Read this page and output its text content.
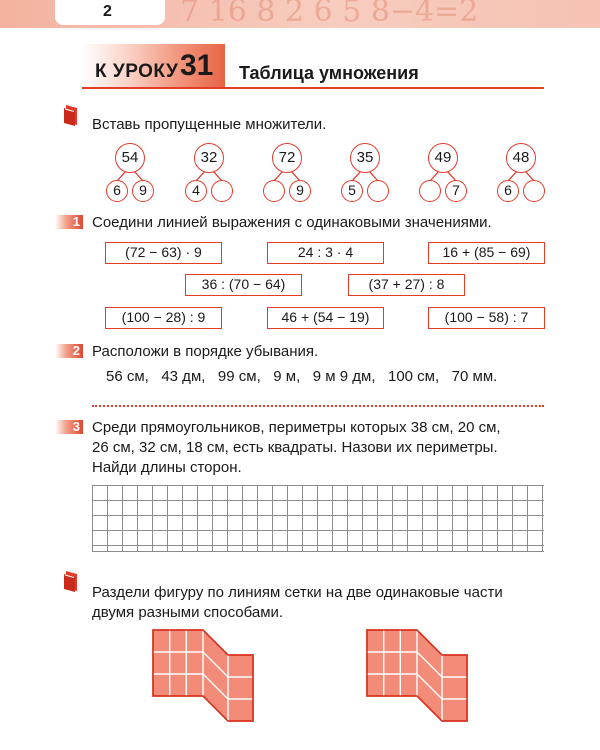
7 16 8 2 6 5 8−4=2
2
К УРОКУ 31 Таблица умножения
Вставь пропущенные множители.
54
6	9
32
4
72
9
35
5
49
7
48
6
1 Соедини линией выражения с одинаковыми значениями.
(72 − 63) · 9	24 : 3 · 4	16 + (85 − 69)
36 : (70 − 64)	(37 + 27) : 8
(100 − 28) : 9	46 + (54 − 19)	(100 − 58) : 7
2 Расположи в порядке убывания.
56 см,   43 дм,   99 см,   9 м,   9 м 9 дм,   100 см,   70 мм.
3 Среди прямоугольников, периметры которых 38 см, 20 см,
26 см, 32 см, 18 см, есть квадраты. Назови их периметры.
Найди длины сторон.
Раздели фигуру по линиям сетки на две одинаковые части
двумя разными способами.
